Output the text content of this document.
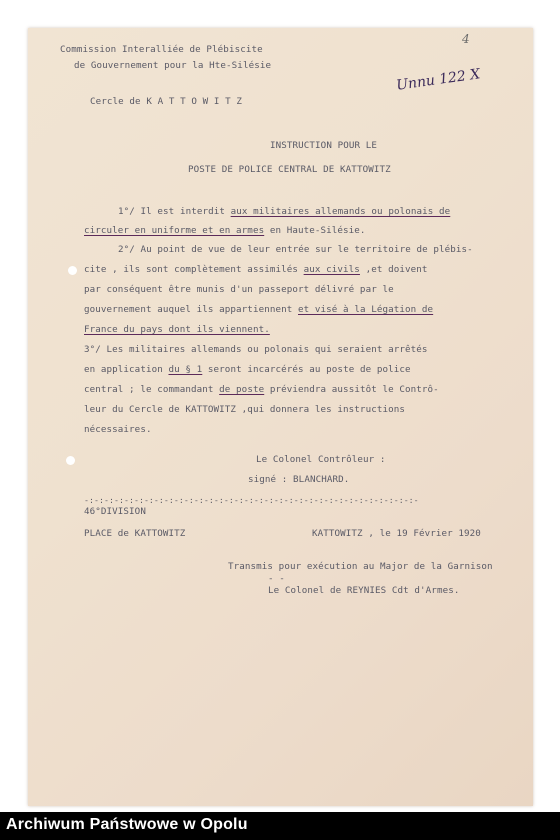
4
Unnu 122 X
Commission Interalliée de Plébiscite
de Gouvernement pour la Hte-Silésie
Cercle de K A T T O W I T Z
INSTRUCTION POUR LE
POSTE DE POLICE CENTRAL DE KATTOWITZ
1°/ Il est interdit aux militaires allemands ou polonais de
circuler en uniforme et en armes en Haute-Silésie.
2°/ Au point de vue de leur entrée sur le territoire de plébis-
cite , ils sont complètement assimilés aux civils ,et doivent
par conséquent être munis d'un passeport délivré par le
gouvernement auquel ils appartiennent et visé à la Légation de
France du pays dont ils viennent.
3°/ Les militaires allemands ou polonais qui seraient arrêtés
en application du § 1 seront incarcérés au poste de police
central ; le commandant de poste préviendra aussitôt le Contrô-
leur du Cercle de KATTOWITZ ,qui donnera les instructions
nécessaires.
Le Colonel Contrôleur :
signé : BLANCHARD.
-:-:-:-:-:-:-:-:-:-:-:-:-:-:-:-:-:-:-:-:-:-:-:-:-:-:-:-:-:-:-:-:-:-
46°DIVISION
PLACE de KATTOWITZ	KATTOWITZ , le 19 Février 1920
Transmis pour exécution au Major de la Garnison
- -
Le Colonel de REYNIES Cdt d'Armes.
Archiwum Państwowe w Opolu
